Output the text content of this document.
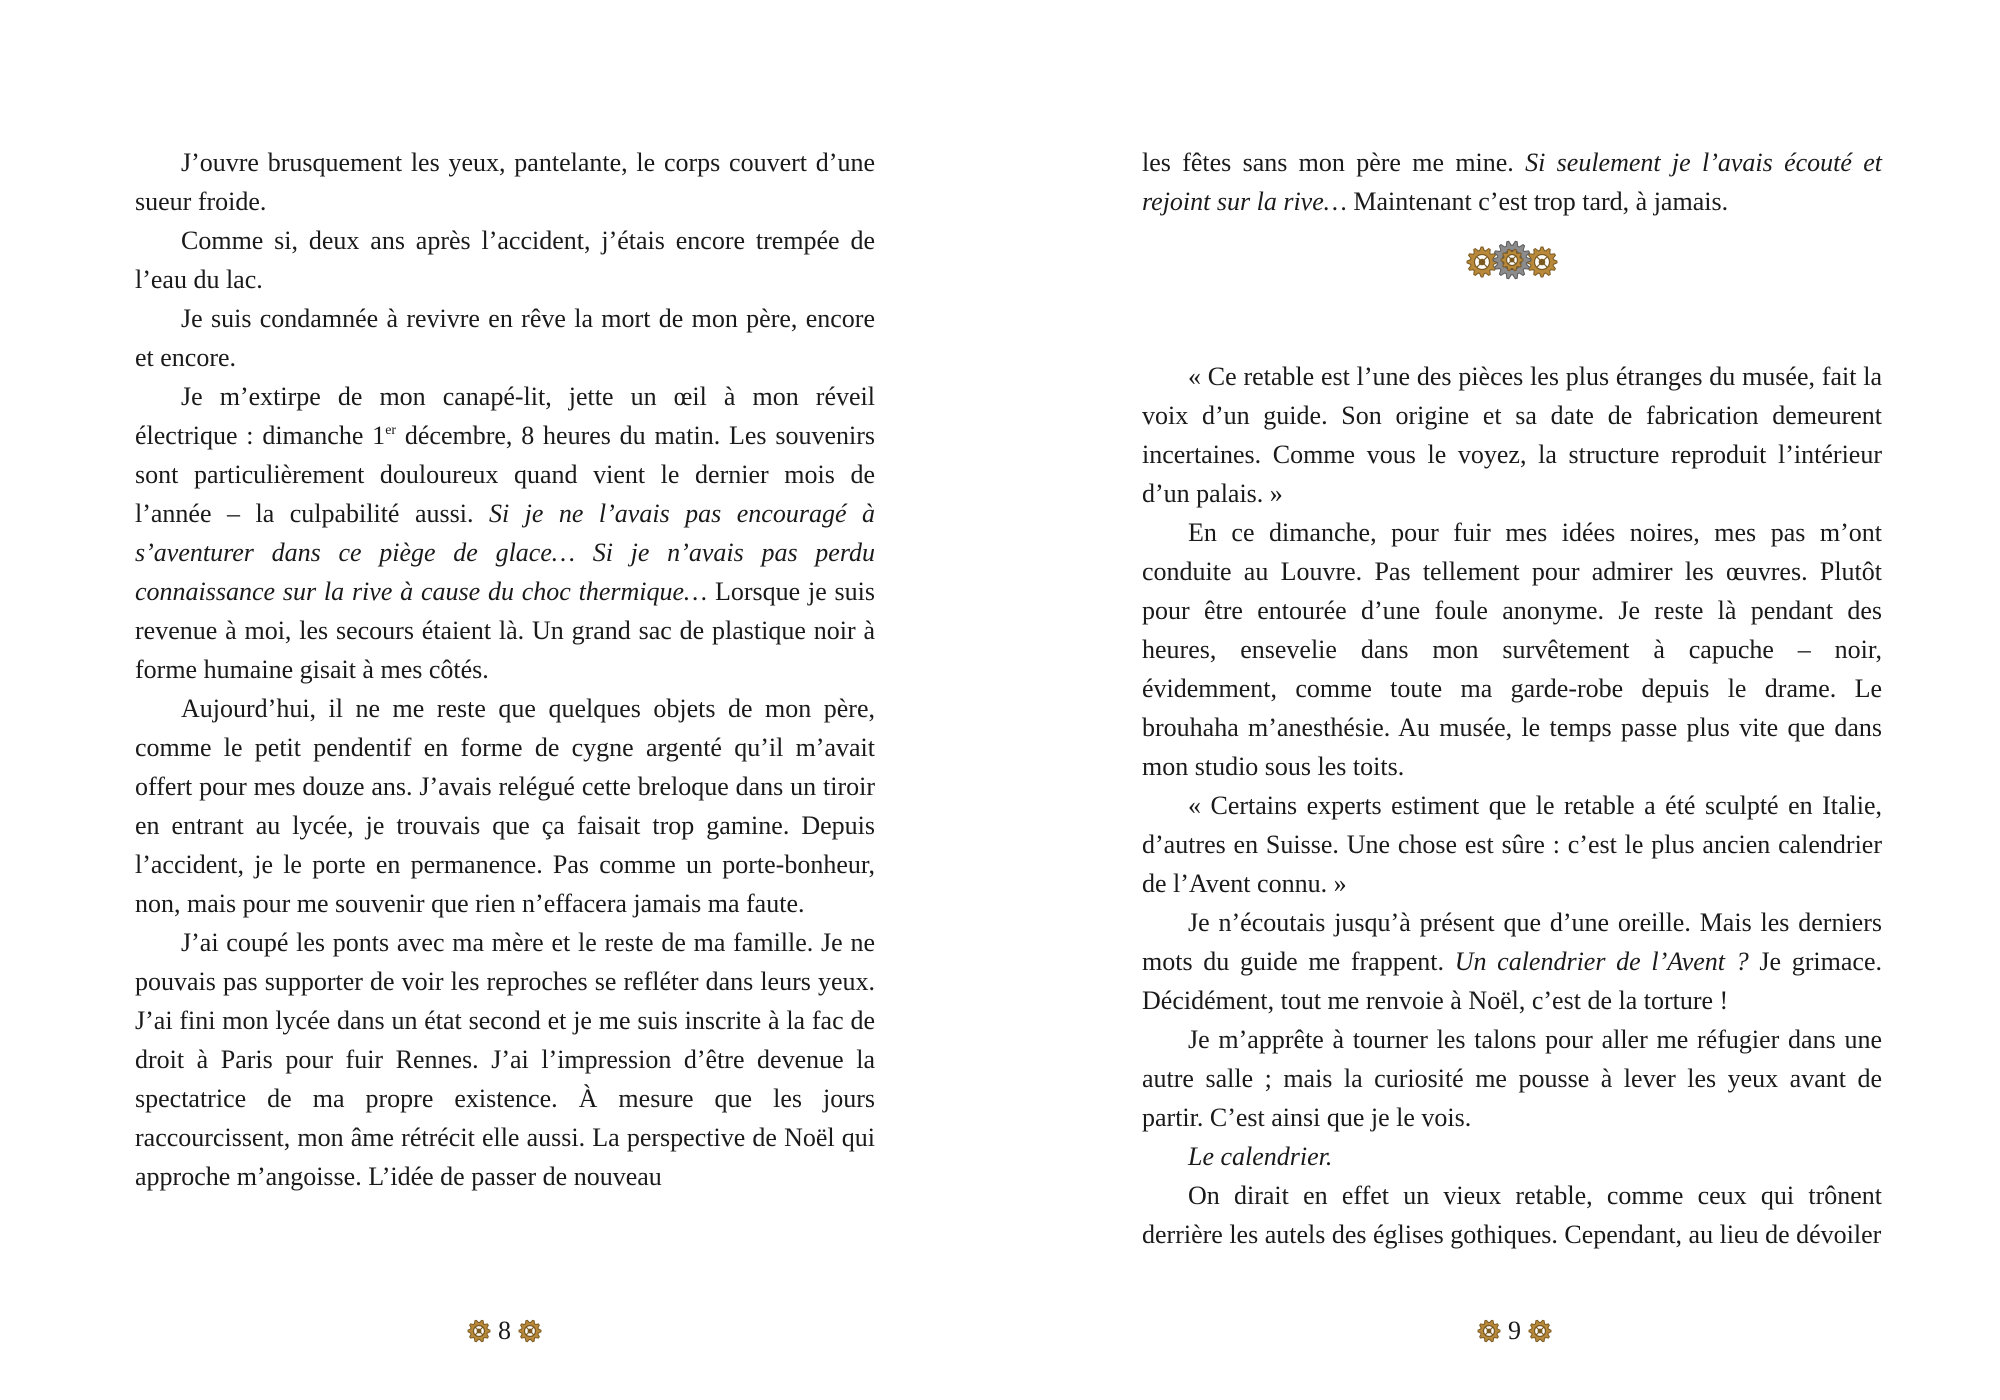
J’ouvre brusquement les yeux, pantelante, le corps couvert d’une sueur froide.

Comme si, deux ans après l’accident, j’étais encore trempée de l’eau du lac.

Je suis condamnée à revivre en rêve la mort de mon père, encore et encore.

Je m’extirpe de mon canapé-lit, jette un œil à mon réveil électrique : dimanche 1er décembre, 8 heures du matin. Les souvenirs sont particulièrement douloureux quand vient le dernier mois de l’année – la culpabilité aussi. Si je ne l’avais pas encouragé à s’aventurer dans ce piège de glace… Si je n’avais pas perdu connaissance sur la rive à cause du choc thermique… Lorsque je suis revenue à moi, les secours étaient là. Un grand sac de plastique noir à forme humaine gisait à mes côtés.

Aujourd’hui, il ne me reste que quelques objets de mon père, comme le petit pendentif en forme de cygne argenté qu’il m’avait offert pour mes douze ans. J’avais relégué cette breloque dans un tiroir en entrant au lycée, je trouvais que ça faisait trop gamine. Depuis l’accident, je le porte en permanence. Pas comme un porte-bonheur, non, mais pour me souvenir que rien n’effacera jamais ma faute.

J’ai coupé les ponts avec ma mère et le reste de ma famille. Je ne pouvais pas supporter de voir les reproches se refléter dans leurs yeux. J’ai fini mon lycée dans un état second et je me suis inscrite à la fac de droit à Paris pour fuir Rennes. J’ai l’impression d’être devenue la spectatrice de ma propre existence. À mesure que les jours raccourcissent, mon âme rétrécit elle aussi. La perspective de Noël qui approche m’angoisse. L’idée de passer de nouveau

8

les fêtes sans mon père me mine. Si seulement je l’avais écouté et rejoint sur la rive… Maintenant c’est trop tard, à jamais.

« Ce retable est l’une des pièces les plus étranges du musée, fait la voix d’un guide. Son origine et sa date de fabrication demeurent incertaines. Comme vous le voyez, la structure reproduit l’intérieur d’un palais. »

En ce dimanche, pour fuir mes idées noires, mes pas m’ont conduite au Louvre. Pas tellement pour admirer les œuvres. Plutôt pour être entourée d’une foule anonyme. Je reste là pendant des heures, ensevelie dans mon survêtement à capuche – noir, évidemment, comme toute ma garde-robe depuis le drame. Le brouhaha m’anesthésie. Au musée, le temps passe plus vite que dans mon studio sous les toits.

« Certains experts estiment que le retable a été sculpté en Italie, d’autres en Suisse. Une chose est sûre : c’est le plus ancien calendrier de l’Avent connu. »

Je n’écoutais jusqu’à présent que d’une oreille. Mais les derniers mots du guide me frappent. Un calendrier de l’Avent ? Je grimace. Décidément, tout me renvoie à Noël, c’est de la torture !

Je m’apprête à tourner les talons pour aller me réfugier dans une autre salle ; mais la curiosité me pousse à lever les yeux avant de partir. C’est ainsi que je le vois.

Le calendrier.

On dirait en effet un vieux retable, comme ceux qui trônent derrière les autels des églises gothiques. Cependant, au lieu de dévoiler

9
